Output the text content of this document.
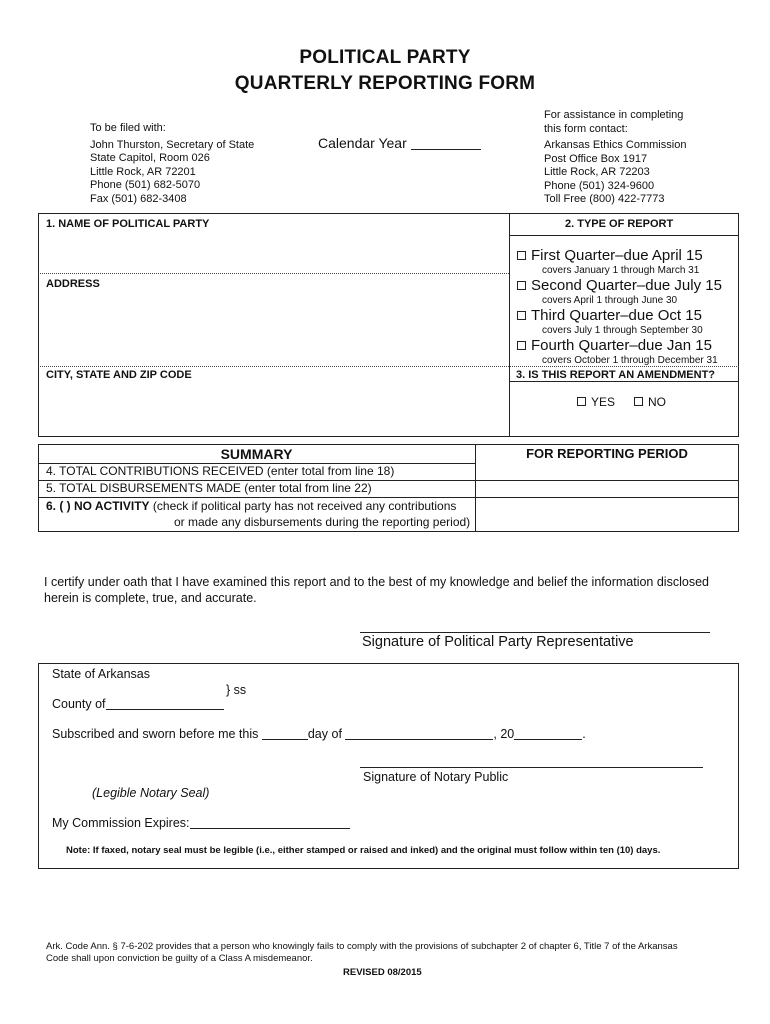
POLITICAL PARTY
QUARTERLY REPORTING FORM
To be filed with:
John Thurston, Secretary of State
State Capitol, Room 026
Little Rock, AR 72201
Phone (501) 682-5070
Fax (501) 682-3408
Calendar Year
For assistance in completing
this form contact:
Arkansas Ethics Commission
Post Office Box 1917
Little Rock, AR 72203
Phone (501) 324-9600
Toll Free (800) 422-7773
1. NAME OF POLITICAL PARTY
ADDRESS
CITY, STATE AND ZIP CODE
2. TYPE OF REPORT
First Quarter–due April 15
covers January 1 through March 31
Second Quarter–due July 15
covers April 1 through June 30
Third Quarter–due Oct 15
covers July 1 through September 30
Fourth Quarter–due Jan 15
covers October 1 through December 31
3. IS THIS REPORT AN AMENDMENT?
YES	NO
SUMMARY	FOR REPORTING PERIOD
4. TOTAL CONTRIBUTIONS RECEIVED (enter total from line 18)
5. TOTAL DISBURSEMENTS MADE (enter total from line 22)
6. ( ) NO ACTIVITY (check if political party has not received any contributions
or made any disbursements during the reporting period)
I certify under oath that I have examined this report and to the best of my knowledge and belief the information disclosed
herein is complete, true, and accurate.
Signature of Political Party Representative
State of Arkansas
} ss
County of
Subscribed and sworn before me this	day of	, 20	.
Signature of Notary Public
(Legible Notary Seal)
My Commission Expires:
Note: If faxed, notary seal must be legible (i.e., either stamped or raised and inked) and the original must follow within ten (10) days.
Ark. Code Ann. § 7-6-202 provides that a person who knowingly fails to comply with the provisions of subchapter 2 of chapter 6, Title 7 of the Arkansas
Code shall upon conviction be guilty of a Class A misdemeanor.
REVISED 08/2015
